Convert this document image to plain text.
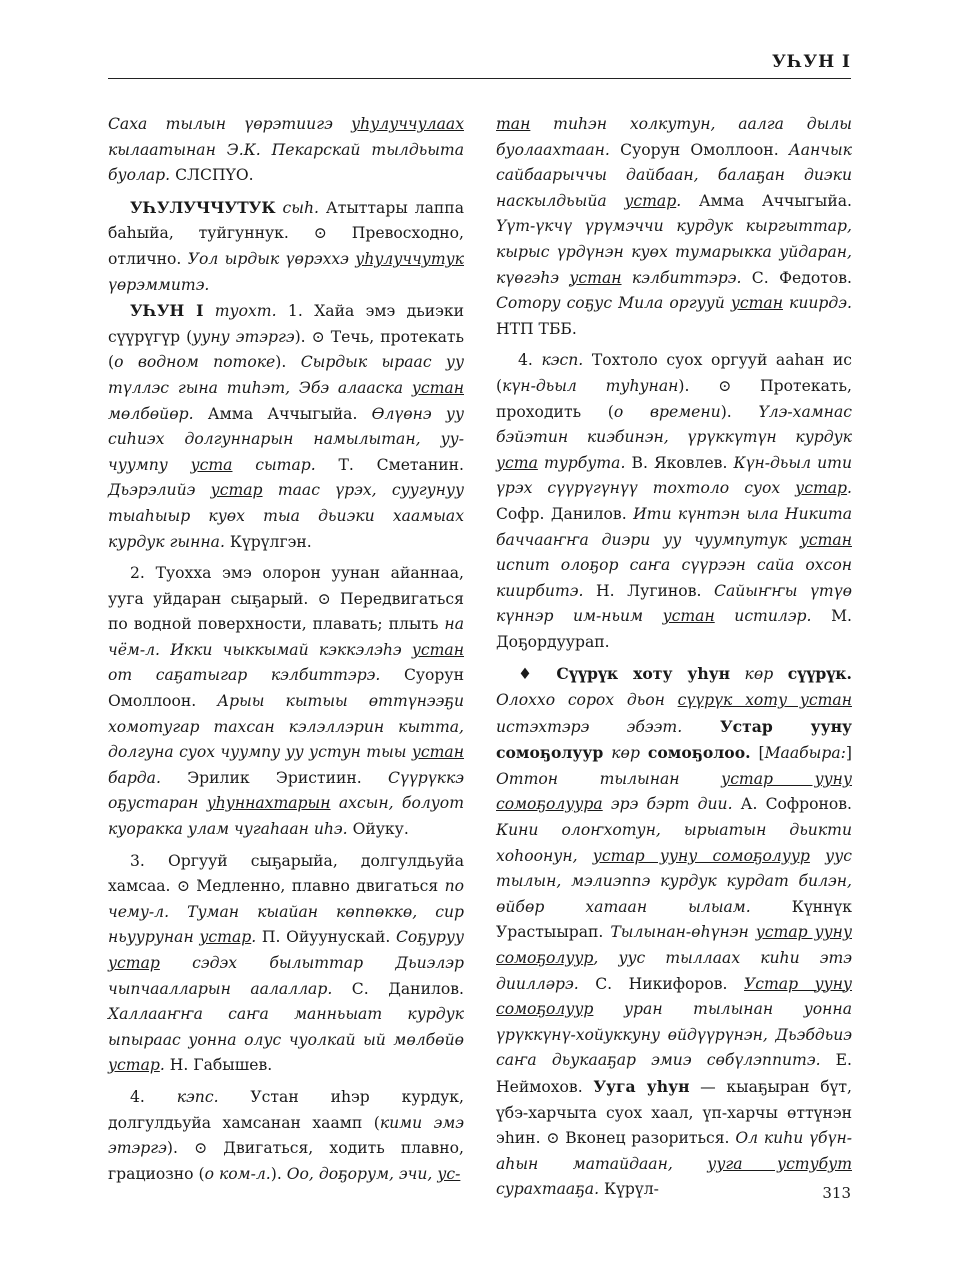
УҺУН I

Саха тылын үөрэтиигэ уһулуччулаах кылаатынан Э.К. Пекарскай тылдьыта буолар. СЛСПҮО.

УҺУЛУЧЧУТУК сыһ. Атыттары лаппа баһыйа, туйгуннук. ⊙ Превосходно, отлично. Уол ырдык үөрэххэ уһулуччутук үөрэммитэ.

УҺУН I туохт. 1. Хайа эмэ дьиэки сүүрүгүр (ууну этэргэ). ⊙ Течь, протекать (о водном потоке). Сырдык ыраас уу түллэс гына тиһэт, Эбэ алааска устан мөлбөйөр. Амма Аччыгыйа. Өлүөнэ уу сиһиэх долгуннарын намылытан, уу-чуумпу уста сытар. Т. Сметанин. Дьэрэлийэ устар таас үрэх, суугунуу тыаһыыр куөх тыа дьиэки хаамыах курдук гынна. Күрүлгэн.

2. Туохха эмэ олорон уунан айаннаа, ууга уйдаран сыҕарый. ⊙ Передвигаться по водной поверхности, плавать; плыть на чём-л. Икки чыккымай кэккэлэһэ устан от саҕатыгар кэлбиттэрэ. Суорун Омоллоон. Арыы кытыы өттүнээҕи хомотугар тахсан кэлэллэрин кытта, долгуна суох чуумпу уу устун тыы устан барда. Эрилик Эристиин. Сүүрүккэ оҕустаран уһуннахтарын ахсын, болуот куоракка улам чугаһаан иһэ. Ойуку.

3. Оргууй сыҕарыйа, долгулдьуйа хамсаа. ⊙ Медленно, плавно двигаться по чему-л. Туман кыайан көппөккө, сир ньуурунан устар. П. Ойуунускай. Соҕуруу устар сэдэх былыттар Дьиэлэр чыпчаалларын аалаллар. С. Данилов. Халлааҥҥа саҥа манньыат курдук ыпыраас уонна олус чуолкай ый мөлбөйө устар. Н. Габышев.

4. кэпс. Устан иһэр курдук, долгулдьуйа хамсанан хаамп (кими эмэ этэргэ). ⊙ Двигаться, ходить плавно, грациозно (о ком-л.). Оо, доҕорум, эчи, ус-

тан тиһэн холкутун, аалга дылы буолаахтаан. Суорун Омоллоон. Аанчык сайбаарыччы дайбаан, балаҕан диэки наскылдьыйа устар. Амма Аччыгыйа. Үүт-үкчү үрүмэччи курдук кыргыттар, кырыс үрдүнэн куөх тумарыкка уйдаран, күөгэһэ устан кэлбиттэрэ. С. Федотов. Сотору соҕус Мила оргууй устан киирдэ. НТП ТББ.

4. кэсп. Тохтоло суох оргууй ааһан ис (күн-дьыл туһунан). ⊙ Протекать, проходить (о времени). Үлэ-хамнас бэйэтин киэбинэн, үрүккүтүн курдук уста турбута. В. Яковлев. Күн-дьыл ити үрэх сүүрүгүнүү тохтоло суох устар. Софр. Данилов. Ити күнтэн ыла Никита баччааҥҥа диэри уу чуумпутук устан испит олоҕор саҥа сүүрээн сайа охсон киирбитэ. Н. Лугинов. Сайыҥҥы үтүө күннэр им-ньим устан истилэр. М. Доҕордуурап.

♦ Сүүрүк хоту уһун көр сүүрүк. Олоххо сорох дьон сүүрүк хоту устан истэхтэрэ эбээт. Устар ууну сомоҕолуур көр сомоҕолоо. [Маабыра:] Оттон тылынан устар ууну сомоҕолуура эрэ бэрт дии. А. Софронов. Кини олоҥхотун, ырыатын дьикти хоһоонун, устар ууну сомоҕолуур уус тылын, мэлиэппэ курдук курдат билэн, өйбөр хатаан ылыам. Күннүк Урастыырап. Тылынан-өһүнэн устар ууну сомоҕолуур, уус тыллаах киһи этэ диилләрэ. С. Никифоров. Устар ууну сомоҕолуур уран тылынан уонна үрүккүнү-хойуккуну өйдүүрүнэн, Дьэбдьиэ саҥа дьукааҕар эмиэ сөбүлэппитэ. Е. Неймохов. Ууга уһун — кыаҕыран бүт, үбэ-харчыта суох хаал, үп-харчы өттүнэн эһин. ⊙ Вконец разориться. Ол киһи үбүн-аһын матайдаан, ууга устубут сурахтааҕа. Күрүл-	313
